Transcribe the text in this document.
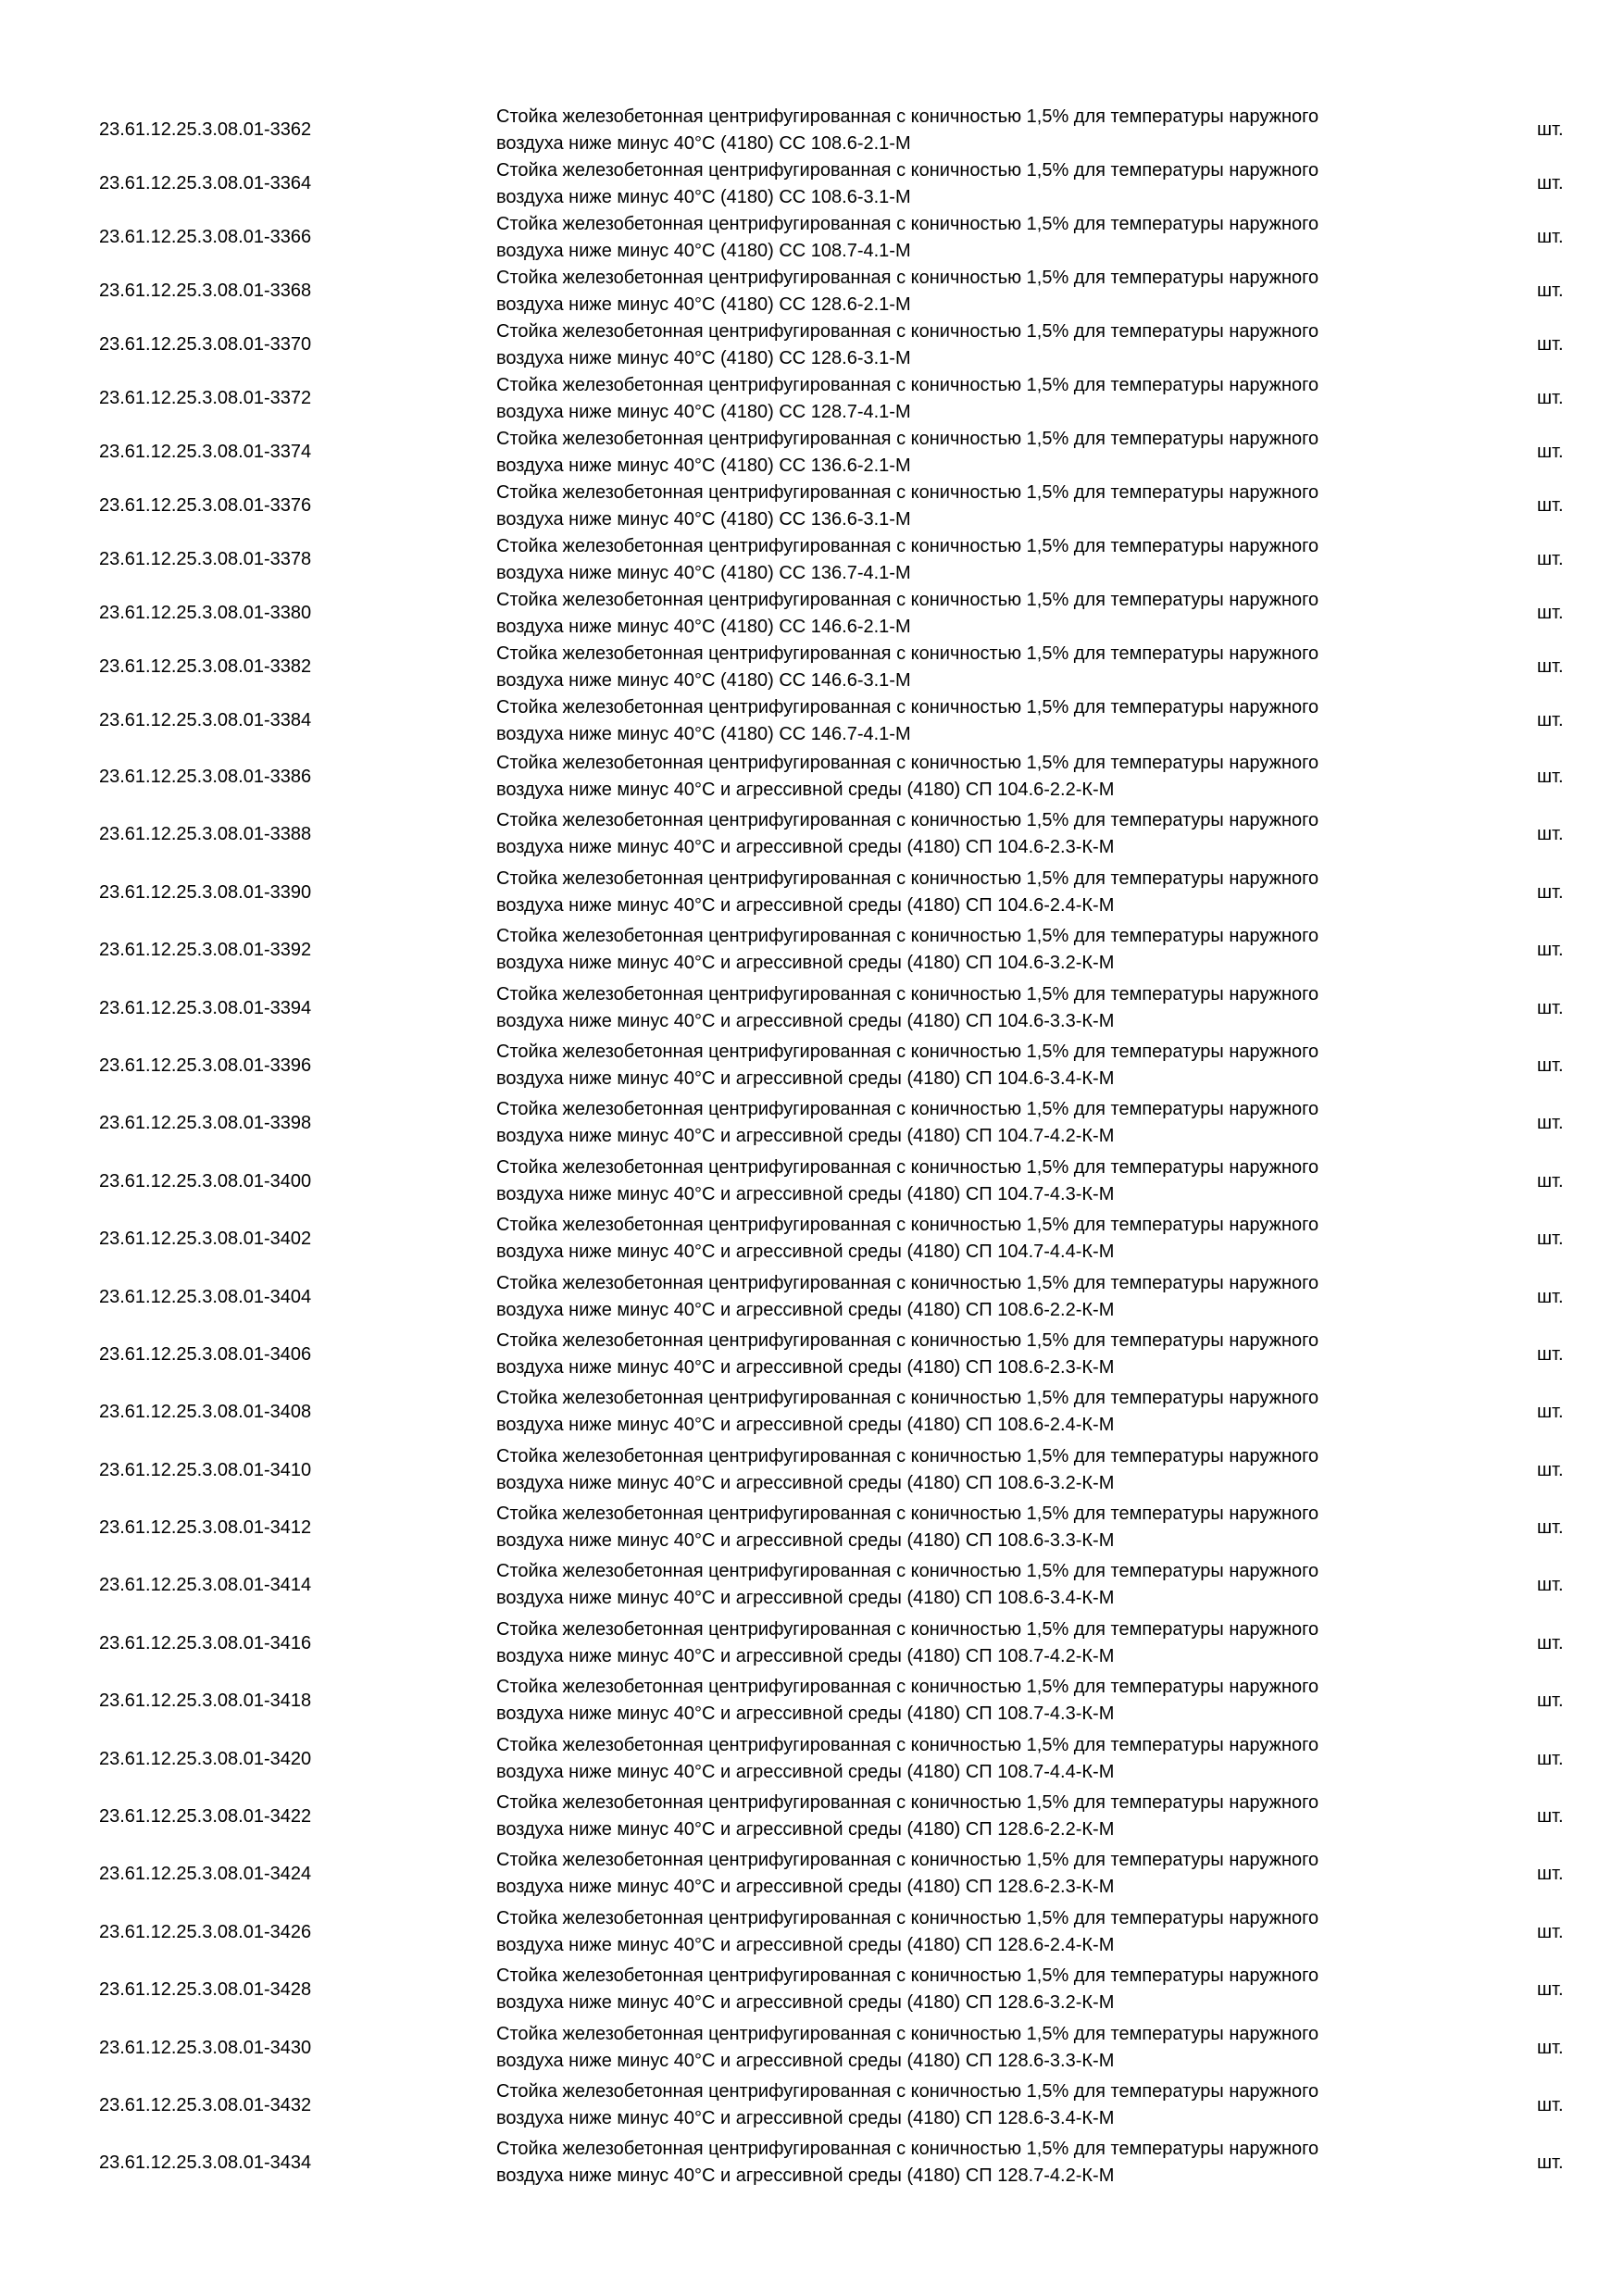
23.61.12.25.3.08.01-3362
Стойка железобетонная центрифугированная с коничностью 1,5% для температуры наружного
воздуха ниже минус 40°С (4180) СС 108.6-2.1-М
шт.
23.61.12.25.3.08.01-3364
Стойка железобетонная центрифугированная с коничностью 1,5% для температуры наружного
воздуха ниже минус 40°С (4180) СС 108.6-3.1-М
шт.
23.61.12.25.3.08.01-3366
Стойка железобетонная центрифугированная с коничностью 1,5% для температуры наружного
воздуха ниже минус 40°С (4180) СС 108.7-4.1-М
шт.
23.61.12.25.3.08.01-3368
Стойка железобетонная центрифугированная с коничностью 1,5% для температуры наружного
воздуха ниже минус 40°С (4180) СС 128.6-2.1-М
шт.
23.61.12.25.3.08.01-3370
Стойка железобетонная центрифугированная с коничностью 1,5% для температуры наружного
воздуха ниже минус 40°С (4180) СС 128.6-3.1-М
шт.
23.61.12.25.3.08.01-3372
Стойка железобетонная центрифугированная с коничностью 1,5% для температуры наружного
воздуха ниже минус 40°С (4180) СС 128.7-4.1-М
шт.
23.61.12.25.3.08.01-3374
Стойка железобетонная центрифугированная с коничностью 1,5% для температуры наружного
воздуха ниже минус 40°С (4180) СС 136.6-2.1-М
шт.
23.61.12.25.3.08.01-3376
Стойка железобетонная центрифугированная с коничностью 1,5% для температуры наружного
воздуха ниже минус 40°С (4180) СС 136.6-3.1-М
шт.
23.61.12.25.3.08.01-3378
Стойка железобетонная центрифугированная с коничностью 1,5% для температуры наружного
воздуха ниже минус 40°С (4180) СС 136.7-4.1-М
шт.
23.61.12.25.3.08.01-3380
Стойка железобетонная центрифугированная с коничностью 1,5% для температуры наружного
воздуха ниже минус 40°С (4180) СС 146.6-2.1-М
шт.
23.61.12.25.3.08.01-3382
Стойка железобетонная центрифугированная с коничностью 1,5% для температуры наружного
воздуха ниже минус 40°С (4180) СС 146.6-3.1-М
шт.
23.61.12.25.3.08.01-3384
Стойка железобетонная центрифугированная с коничностью 1,5% для температуры наружного
воздуха ниже минус 40°С (4180) СС 146.7-4.1-М
шт.
23.61.12.25.3.08.01-3386
Стойка железобетонная центрифугированная с коничностью 1,5% для температуры наружного
воздуха ниже минус 40°С и агрессивной среды (4180) СП 104.6-2.2-К-М
шт.
23.61.12.25.3.08.01-3388
Стойка железобетонная центрифугированная с коничностью 1,5% для температуры наружного
воздуха ниже минус 40°С и агрессивной среды (4180) СП 104.6-2.3-К-М
шт.
23.61.12.25.3.08.01-3390
Стойка железобетонная центрифугированная с коничностью 1,5% для температуры наружного
воздуха ниже минус 40°С и агрессивной среды (4180) СП 104.6-2.4-К-М
шт.
23.61.12.25.3.08.01-3392
Стойка железобетонная центрифугированная с коничностью 1,5% для температуры наружного
воздуха ниже минус 40°С и агрессивной среды (4180) СП 104.6-3.2-К-М
шт.
23.61.12.25.3.08.01-3394
Стойка железобетонная центрифугированная с коничностью 1,5% для температуры наружного
воздуха ниже минус 40°С и агрессивной среды (4180) СП 104.6-3.3-К-М
шт.
23.61.12.25.3.08.01-3396
Стойка железобетонная центрифугированная с коничностью 1,5% для температуры наружного
воздуха ниже минус 40°С и агрессивной среды (4180) СП 104.6-3.4-К-М
шт.
23.61.12.25.3.08.01-3398
Стойка железобетонная центрифугированная с коничностью 1,5% для температуры наружного
воздуха ниже минус 40°С и агрессивной среды (4180) СП 104.7-4.2-К-М
шт.
23.61.12.25.3.08.01-3400
Стойка железобетонная центрифугированная с коничностью 1,5% для температуры наружного
воздуха ниже минус 40°С и агрессивной среды (4180) СП 104.7-4.3-К-М
шт.
23.61.12.25.3.08.01-3402
Стойка железобетонная центрифугированная с коничностью 1,5% для температуры наружного
воздуха ниже минус 40°С и агрессивной среды (4180) СП 104.7-4.4-К-М
шт.
23.61.12.25.3.08.01-3404
Стойка железобетонная центрифугированная с коничностью 1,5% для температуры наружного
воздуха ниже минус 40°С и агрессивной среды (4180) СП 108.6-2.2-К-М
шт.
23.61.12.25.3.08.01-3406
Стойка железобетонная центрифугированная с коничностью 1,5% для температуры наружного
воздуха ниже минус 40°С и агрессивной среды (4180) СП 108.6-2.3-К-М
шт.
23.61.12.25.3.08.01-3408
Стойка железобетонная центрифугированная с коничностью 1,5% для температуры наружного
воздуха ниже минус 40°С и агрессивной среды (4180) СП 108.6-2.4-К-М
шт.
23.61.12.25.3.08.01-3410
Стойка железобетонная центрифугированная с коничностью 1,5% для температуры наружного
воздуха ниже минус 40°С и агрессивной среды (4180) СП 108.6-3.2-К-М
шт.
23.61.12.25.3.08.01-3412
Стойка железобетонная центрифугированная с коничностью 1,5% для температуры наружного
воздуха ниже минус 40°С и агрессивной среды (4180) СП 108.6-3.3-К-М
шт.
23.61.12.25.3.08.01-3414
Стойка железобетонная центрифугированная с коничностью 1,5% для температуры наружного
воздуха ниже минус 40°С и агрессивной среды (4180) СП 108.6-3.4-К-М
шт.
23.61.12.25.3.08.01-3416
Стойка железобетонная центрифугированная с коничностью 1,5% для температуры наружного
воздуха ниже минус 40°С и агрессивной среды (4180) СП 108.7-4.2-К-М
шт.
23.61.12.25.3.08.01-3418
Стойка железобетонная центрифугированная с коничностью 1,5% для температуры наружного
воздуха ниже минус 40°С и агрессивной среды (4180) СП 108.7-4.3-К-М
шт.
23.61.12.25.3.08.01-3420
Стойка железобетонная центрифугированная с коничностью 1,5% для температуры наружного
воздуха ниже минус 40°С и агрессивной среды (4180) СП 108.7-4.4-К-М
шт.
23.61.12.25.3.08.01-3422
Стойка железобетонная центрифугированная с коничностью 1,5% для температуры наружного
воздуха ниже минус 40°С и агрессивной среды (4180) СП 128.6-2.2-К-М
шт.
23.61.12.25.3.08.01-3424
Стойка железобетонная центрифугированная с коничностью 1,5% для температуры наружного
воздуха ниже минус 40°С и агрессивной среды (4180) СП 128.6-2.3-К-М
шт.
23.61.12.25.3.08.01-3426
Стойка железобетонная центрифугированная с коничностью 1,5% для температуры наружного
воздуха ниже минус 40°С и агрессивной среды (4180) СП 128.6-2.4-К-М
шт.
23.61.12.25.3.08.01-3428
Стойка железобетонная центрифугированная с коничностью 1,5% для температуры наружного
воздуха ниже минус 40°С и агрессивной среды (4180) СП 128.6-3.2-К-М
шт.
23.61.12.25.3.08.01-3430
Стойка железобетонная центрифугированная с коничностью 1,5% для температуры наружного
воздуха ниже минус 40°С и агрессивной среды (4180) СП 128.6-3.3-К-М
шт.
23.61.12.25.3.08.01-3432
Стойка железобетонная центрифугированная с коничностью 1,5% для температуры наружного
воздуха ниже минус 40°С и агрессивной среды (4180) СП 128.6-3.4-К-М
шт.
23.61.12.25.3.08.01-3434
Стойка железобетонная центрифугированная с коничностью 1,5% для температуры наружного
воздуха ниже минус 40°С и агрессивной среды (4180) СП 128.7-4.2-К-М
шт.
